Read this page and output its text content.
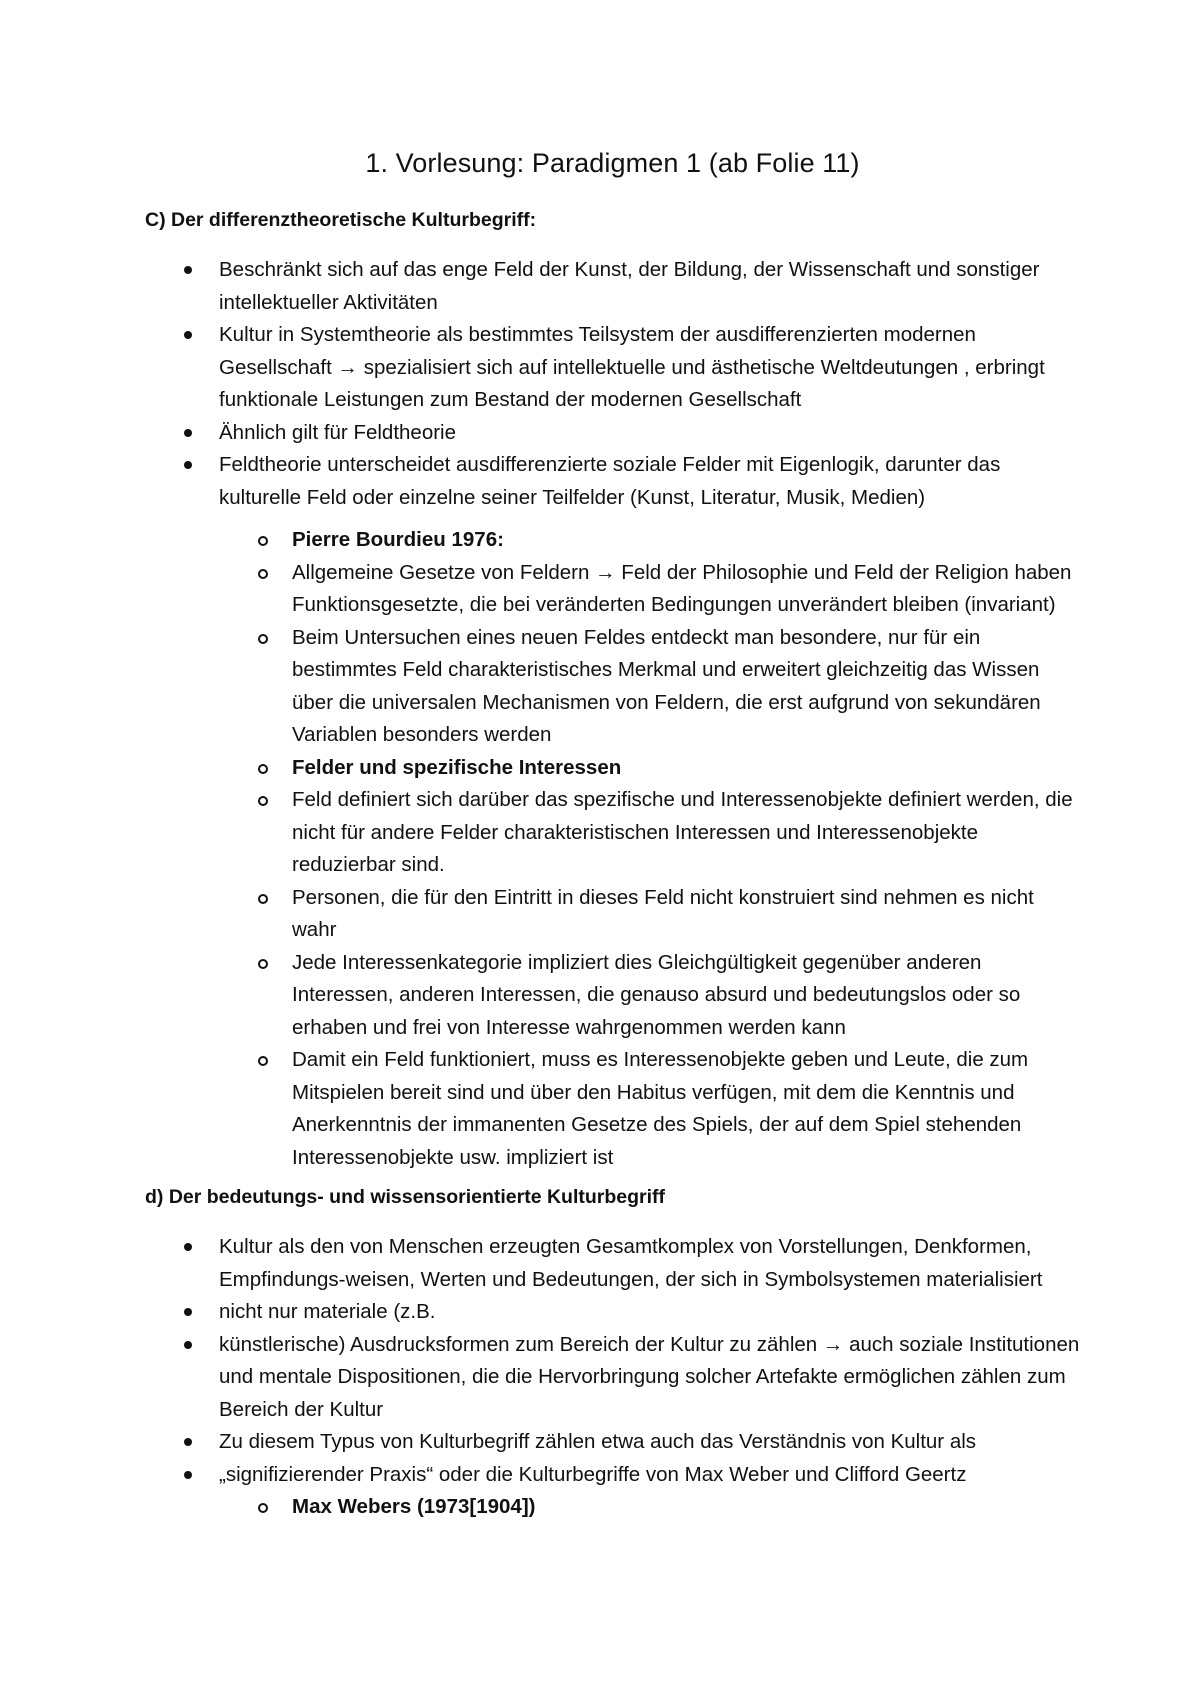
1. Vorlesung: Paradigmen 1 (ab Folie 11)
C) Der differenztheoretische Kulturbegriff:
Beschränkt sich auf das enge Feld der Kunst, der Bildung, der Wissenschaft und sonstiger intellektueller Aktivitäten
Kultur in Systemtheorie als bestimmtes Teilsystem der ausdifferenzierten modernen Gesellschaft → spezialisiert sich auf intellektuelle und ästhetische Weltdeutungen , erbringt funktionale Leistungen zum Bestand der modernen Gesellschaft
Ähnlich gilt für Feldtheorie
Feldtheorie unterscheidet ausdifferenzierte soziale Felder mit Eigenlogik, darunter das kulturelle Feld oder einzelne seiner Teilfelder (Kunst, Literatur, Musik, Medien)
Pierre Bourdieu 1976:
Allgemeine Gesetze von Feldern → Feld der Philosophie und Feld der Religion haben Funktionsgesetzte, die bei veränderten Bedingungen unverändert bleiben (invariant)
Beim Untersuchen eines neuen Feldes entdeckt man besondere, nur für ein bestimmtes Feld charakteristisches Merkmal und erweitert gleichzeitig das Wissen über die universalen Mechanismen von Feldern, die erst aufgrund von sekundären Variablen besonders werden
Felder und spezifische Interessen
Feld definiert sich darüber das spezifische und Interessenobjekte definiert werden, die nicht für andere Felder charakteristischen Interessen und Interessenobjekte reduzierbar sind.
Personen, die für den Eintritt in dieses Feld nicht konstruiert sind nehmen es nicht wahr
Jede Interessenkategorie impliziert dies Gleichgültigkeit gegenüber anderen Interessen, anderen Interessen, die genauso absurd und bedeutungslos oder so erhaben und frei von Interesse wahrgenommen werden kann
Damit ein Feld funktioniert, muss es Interessenobjekte geben und Leute, die zum Mitspielen bereit sind und über den Habitus verfügen, mit dem die Kenntnis und Anerkenntnis der immanenten Gesetze des Spiels, der auf dem Spiel stehenden Interessenobjekte usw. impliziert ist
d) Der bedeutungs- und wissensorientierte Kulturbegriff
Kultur als den von Menschen erzeugten Gesamtkomplex von Vorstellungen, Denkformen, Empfindungs-weisen, Werten und Bedeutungen, der sich in Symbolsystemen materialisiert
nicht nur materiale (z.B.
künstlerische) Ausdrucksformen zum Bereich der Kultur zu zählen → auch soziale Institutionen und mentale Dispositionen, die die Hervorbringung solcher Artefakte ermöglichen zählen zum Bereich der Kultur
Zu diesem Typus von Kulturbegriff zählen etwa auch das Verständnis von Kultur als
„signifizierender Praxis“ oder die Kulturbegriffe von Max Weber und Clifford Geertz
Max Webers (1973[1904])
